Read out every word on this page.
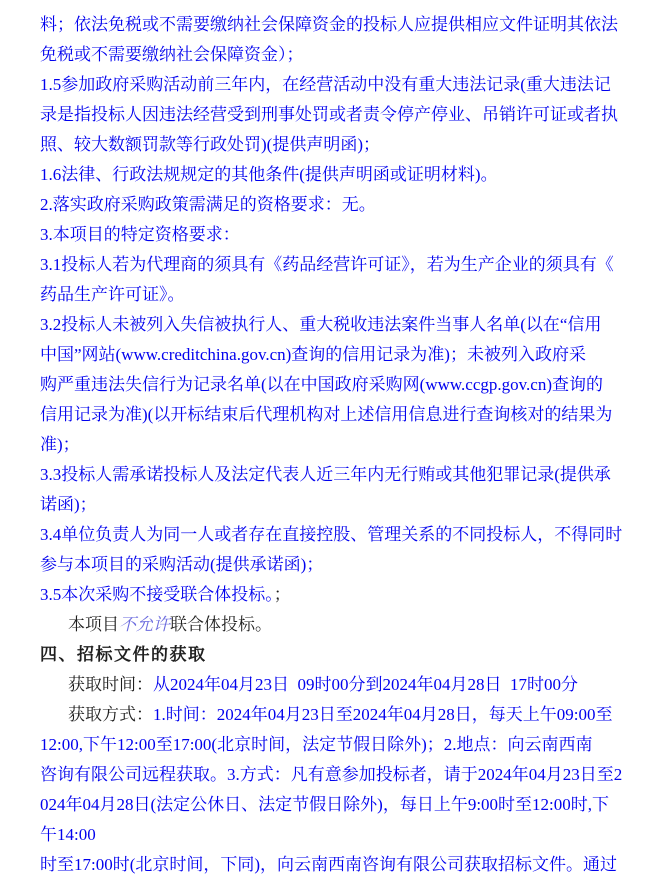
料；依法免税或不需要缴纳社会保障资金的投标人应提供相应文件证明其依法
免税或不需要缴纳社会保障资金）；
1.5参加政府采购活动前三年内，在经营活动中没有重大违法记录(重大违法记
录是指投标人因违法经营受到刑事处罚或者责令停产停业、吊销许可证或者执
照、较大数额罚款等行政处罚)(提供声明函)；
1.6法律、行政法规规定的其他条件(提供声明函或证明材料)。
2.落实政府采购政策需满足的资格要求：无。
3.本项目的特定资格要求：
3.1投标人若为代理商的须具有《药品经营许可证》，若为生产企业的须具有《
药品生产许可证》。
3.2投标人未被列入失信被执行人、重大税收违法案件当事人名单(以在“信用
中国”网站(www.creditchina.gov.cn)查询的信用记录为准)；未被列入政府采
购严重违法失信行为记录名单(以在中国政府采购网(www.ccgp.gov.cn)查询的
信用记录为准)(以开标结束后代理机构对上述信用信息进行查询核对的结果为
准)；
3.3投标人需承诺投标人及法定代表人近三年内无行贿或其他犯罪记录(提供承
诺函)；
3.4单位负责人为同一人或者存在直接控股、管理关系的不同投标人，不得同时
参与本项目的采购活动(提供承诺函)；
3.5本次采购不接受联合体投标。；
本项目不允许联合体投标。
四、招标文件的获取
获取时间：从2024年04月23日  09时00分到2024年04月28日  17时00分
获取方式：1.时间：2024年04月23日至2024年04月28日，每天上午09:00至
12:00,下午12:00至17:00(北京时间，法定节假日除外)；2.地点：向云南西南
咨询有限公司远程获取。3.方式：凡有意参加投标者，请于2024年04月23日至2
024年04月28日(法定公休日、法定节假日除外)，每日上午9:00时至12:00时,下
午14:00
时至17:00时(北京时间，下同)，向云南西南咨询有限公司获取招标文件。通过
